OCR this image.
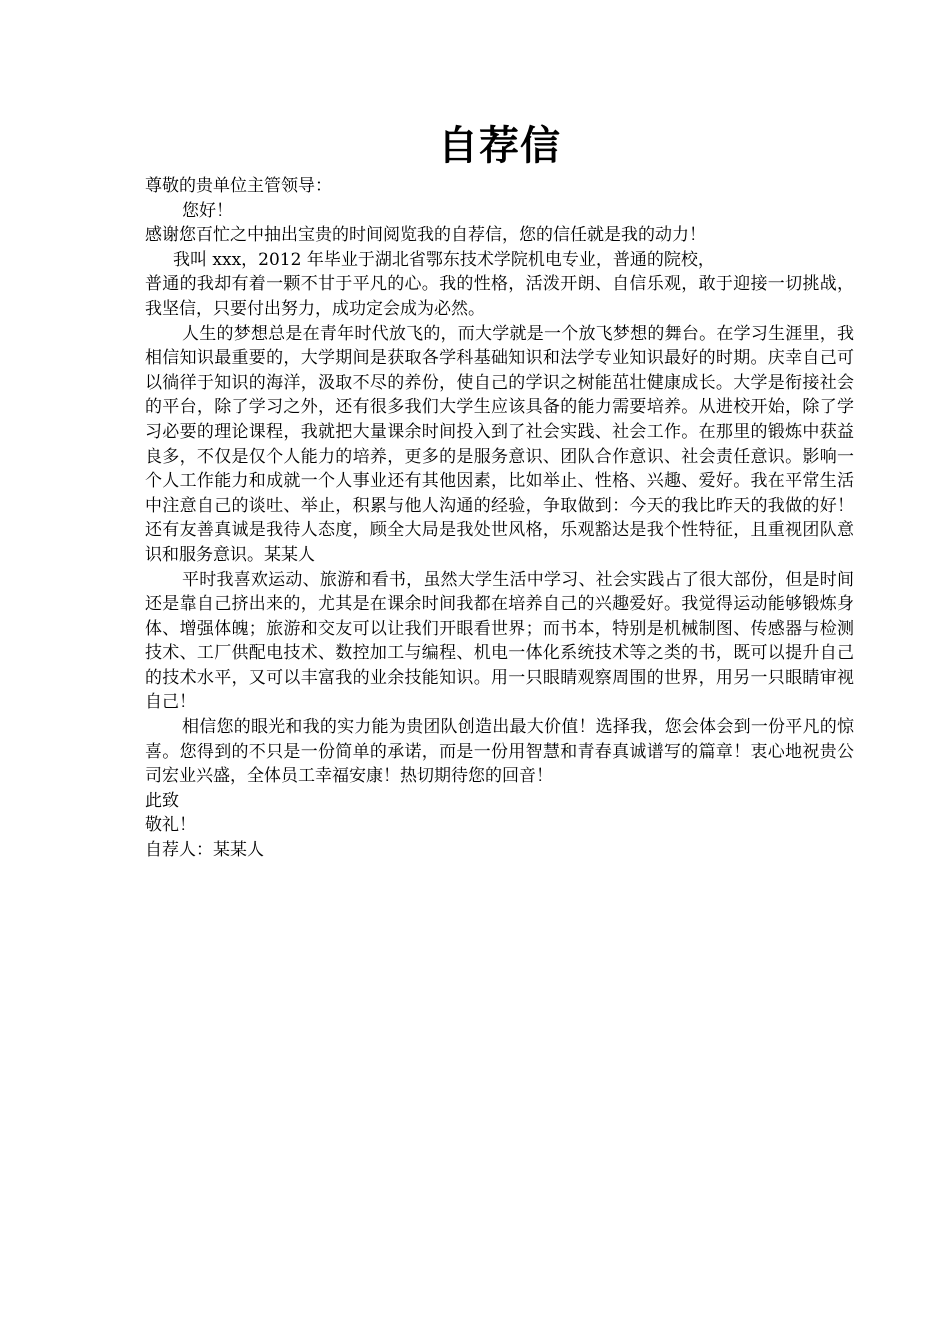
自荐信

尊敬的贵单位主管领导：

您好！

感谢您百忙之中抽出宝贵的时间阅览我的自荐信，您的信任就是我的动力！

我叫 xxx，2012 年毕业于湖北省鄂东技术学院机电专业，普通的院校，

普通的我却有着一颗不甘于平凡的心。我的性格，活泼开朗、自信乐观，敢于迎接一切挑战，我坚信，只要付出努力，成功定会成为必然。

人生的梦想总是在青年时代放飞的，而大学就是一个放飞梦想的舞台。在学习生涯里，我相信知识最重要的，大学期间是获取各学科基础知识和法学专业知识最好的时期。庆幸自己可以徜徉于知识的海洋，汲取不尽的养份，使自己的学识之树能茁壮健康成长。大学是衔接社会的平台，除了学习之外，还有很多我们大学生应该具备的能力需要培养。从进校开始，除了学习必要的理论课程，我就把大量课余时间投入到了社会实践、社会工作。在那里的锻炼中获益良多，不仅是仅个人能力的培养，更多的是服务意识、团队合作意识、社会责任意识。影响一个人工作能力和成就一个人事业还有其他因素，比如举止、性格、兴趣、爱好。我在平常生活中注意自己的谈吐、举止，积累与他人沟通的经验，争取做到：今天的我比昨天的我做的好！还有友善真诚是我待人态度，顾全大局是我处世风格，乐观豁达是我个性特征，且重视团队意识和服务意识。某某人

平时我喜欢运动、旅游和看书，虽然大学生活中学习、社会实践占了很大部份，但是时间还是靠自己挤出来的，尤其是在课余时间我都在培养自己的兴趣爱好。我觉得运动能够锻炼身体、增强体魄；旅游和交友可以让我们开眼看世界；而书本，特别是机械制图、传感器与检测技术、工厂供配电技术、数控加工与编程、机电一体化系统技术等之类的书，既可以提升自己的技术水平，又可以丰富我的业余技能知识。用一只眼睛观察周围的世界，用另一只眼睛审视自己！

相信您的眼光和我的实力能为贵团队创造出最大价值！选择我，您会体会到一份平凡的惊喜。您得到的不只是一份简单的承诺，而是一份用智慧和青春真诚谱写的篇章！衷心地祝贵公司宏业兴盛，全体员工幸福安康！热切期待您的回音！

此致

敬礼！

自荐人：某某人
